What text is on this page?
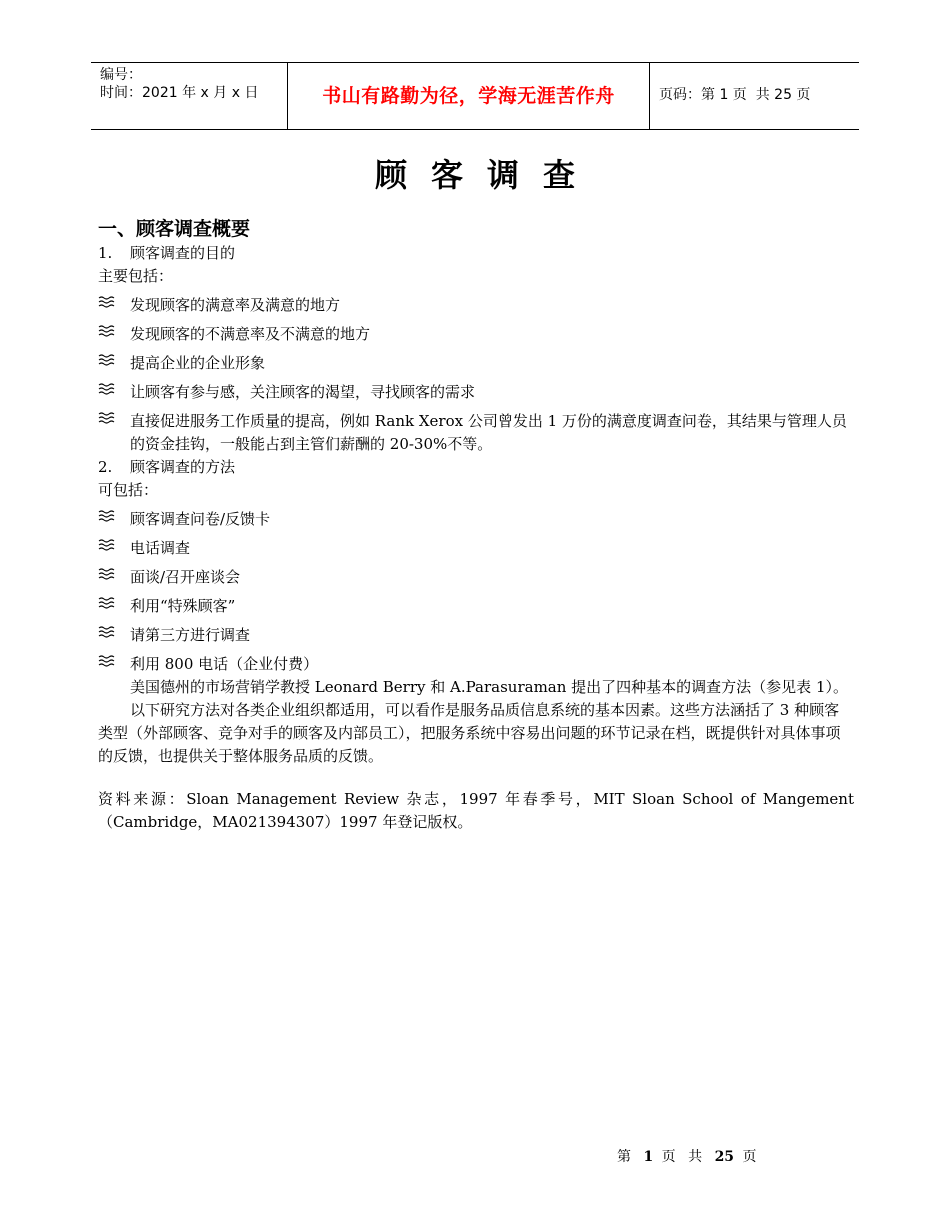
编号：
时间：2021 年 x 月 x 日	书山有路勤为径，学海无涯苦作舟	页码：第 1 页  共 25 页
顾客调查
一、顾客调查概要
1. 顾客调查的目的
主要包括：
发现顾客的满意率及满意的地方
发现顾客的不满意率及不满意的地方
提高企业的企业形象
让顾客有参与感，关注顾客的渴望，寻找顾客的需求
直接促进服务工作质量的提高，例如 Rank Xerox 公司曾发出 1 万份的满意度调查问卷，其结果与管理人员的资金挂钩，一般能占到主管们薪酬的 20-30%不等。
2. 顾客调查的方法
可包括：
顾客调查问卷/反馈卡
电话调查
面谈/召开座谈会
利用“特殊顾客”
请第三方进行调查
利用 800 电话（企业付费）
美国德州的市场营销学教授 Leonard Berry 和 A.Parasuraman 提出了四种基本的调查方法（参见表 1）。
以下研究方法对各类企业组织都适用，可以看作是服务品质信息系统的基本因素。这些方法涵括了 3 种顾客类型（外部顾客、竞争对手的顾客及内部员工），把服务系统中容易出问题的环节记录在档，既提供针对具体事项的反馈，也提供关于整体服务品质的反馈。
资料来源：Sloan Management Review 杂志，1997 年春季号，MIT Sloan School of Mangement（Cambridge，MA021394307）1997 年登记版权。
第 1 页 共 25 页
